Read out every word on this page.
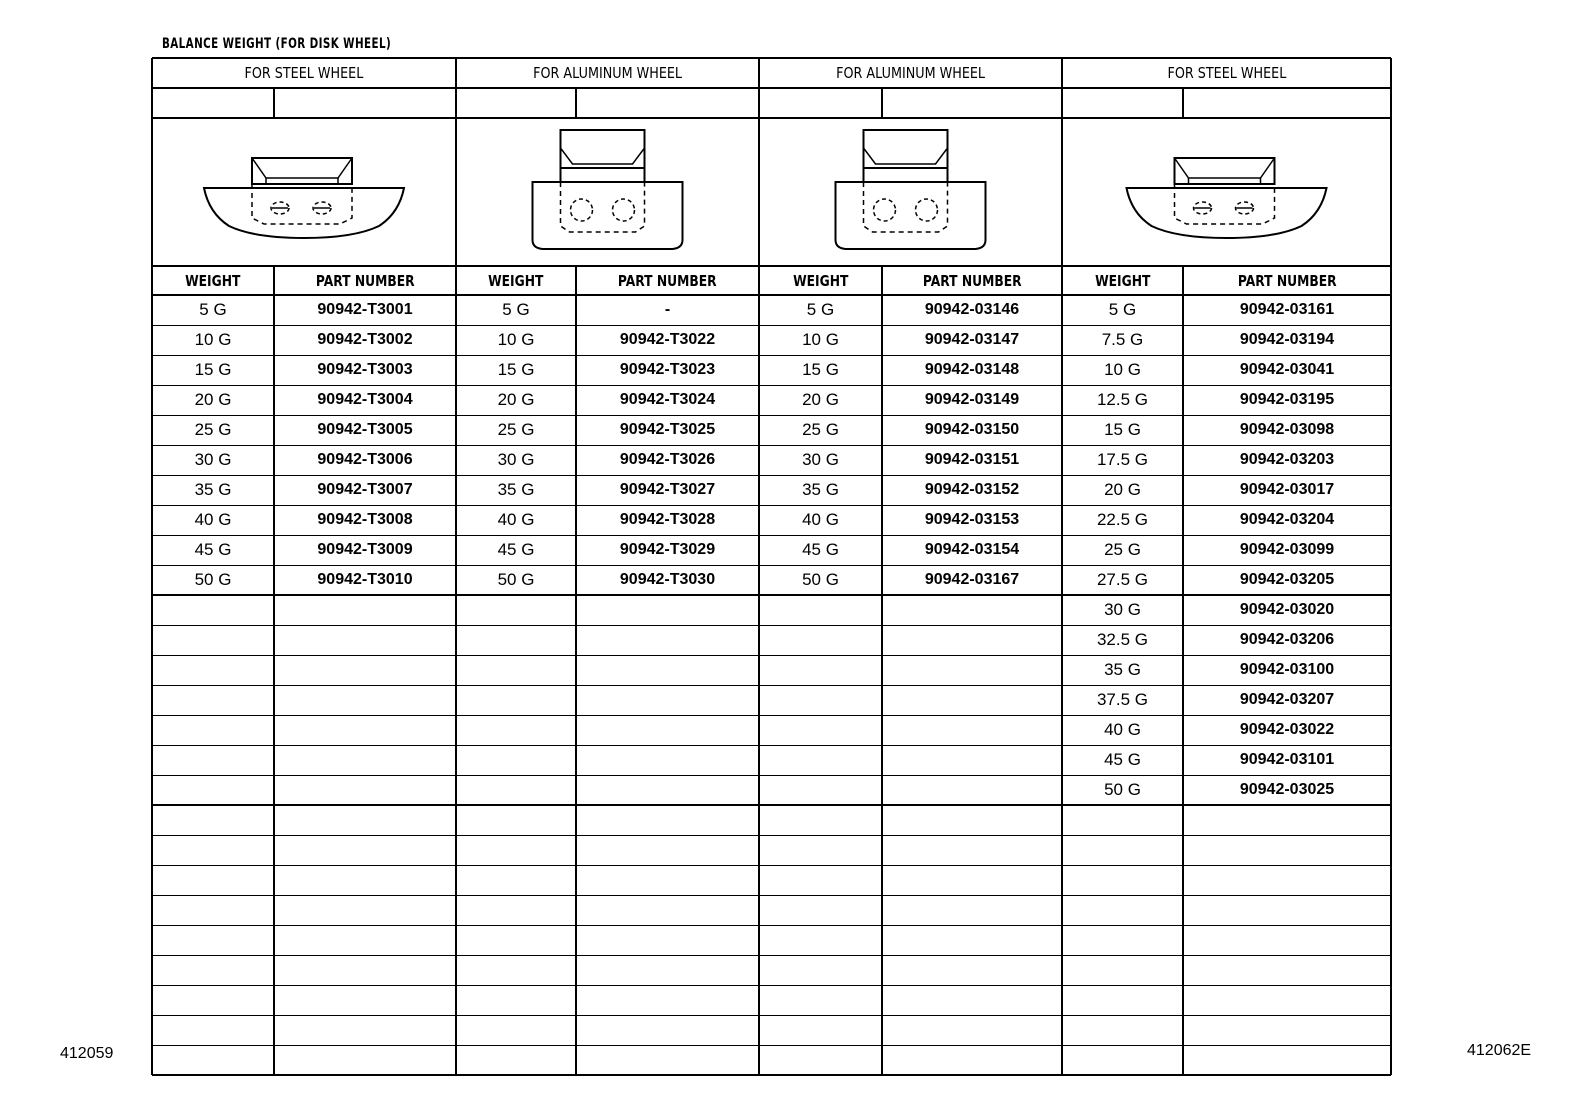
BALANCE WEIGHT (FOR DISK WHEEL)
FOR STEEL WHEEL
WEIGHT	PART NUMBER
5 G	90942-T3001
10 G	90942-T3002
15 G	90942-T3003
20 G	90942-T3004
25 G	90942-T3005
30 G	90942-T3006
35 G	90942-T3007
40 G	90942-T3008
45 G	90942-T3009
50 G	90942-T3010
FOR ALUMINUM WHEEL
WEIGHT	PART NUMBER
5 G	-
10 G	90942-T3022
15 G	90942-T3023
20 G	90942-T3024
25 G	90942-T3025
30 G	90942-T3026
35 G	90942-T3027
40 G	90942-T3028
45 G	90942-T3029
50 G	90942-T3030
FOR ALUMINUM WHEEL
WEIGHT	PART NUMBER
5 G	90942-03146
10 G	90942-03147
15 G	90942-03148
20 G	90942-03149
25 G	90942-03150
30 G	90942-03151
35 G	90942-03152
40 G	90942-03153
45 G	90942-03154
50 G	90942-03167
FOR STEEL WHEEL
WEIGHT	PART NUMBER
5 G	90942-03161
7.5 G	90942-03194
10 G	90942-03041
12.5 G	90942-03195
15 G	90942-03098
17.5 G	90942-03203
20 G	90942-03017
22.5 G	90942-03204
25 G	90942-03099
27.5 G	90942-03205
30 G	90942-03020
32.5 G	90942-03206
35 G	90942-03100
37.5 G	90942-03207
40 G	90942-03022
45 G	90942-03101
50 G	90942-03025
412059	412062E
